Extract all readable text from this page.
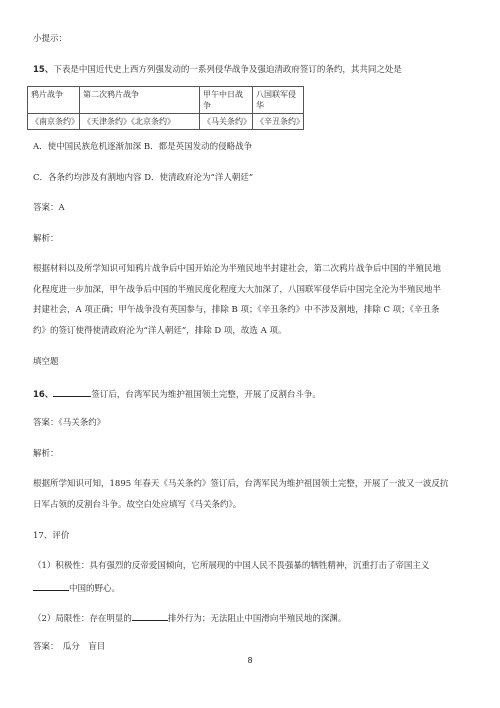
小提示：
15、下表是中国近代史上西方列强发动的一系列侵华战争及强迫清政府签订的条约，其共同之处是
鸦片战争	第二次鸦片战争	甲午中日战争	八国联军侵华	
《南京条约》	《天津条约》《北京条约》	《马关条约》	《辛丑条约》	
A．使中国民族危机逐渐加深 B．都是英国发动的侵略战争
C．各条约均涉及有割地内容 D．使清政府沦为“洋人朝廷”
答案：A
解析：
根据材料以及所学知识可知鸦片战争后中国开始沦为半殖民地半封建社会，第二次鸦片战争后中国的半殖民地
化程度进一步加深，甲午战争后中国的半殖民度化程度大大加深了，八国联军侵华后中国完全沦为半殖民地半
封建社会，A 项正确；甲午战争没有英国参与，排除 B 项；《辛丑条约》中不涉及割地，排除 C 项；《辛丑条
约》的签订使得使清政府沦为“洋人朝廷”，排除 D 项，故选 A 项。
填空题
16、	签订后，台湾军民为维护祖国领土完整，开展了反割台斗争。
答案：《马关条约》
解析：
根据所学知识可知，1895 年春天《马关条约》签订后，台湾军民为维护祖国领土完整，开展了一波又一波反抗
日军占领的反割台斗争。故空白处应填写《马关条约》。
17、评价
（1）积极性：具有强烈的反帝爱国倾向，它所展现的中国人民不畏强暴的牺牲精神，沉重打击了帝国主义
中国的野心。
（2）局限性：存在明显的	排外行为；无法阻止中国滑向半殖民地的深渊。
答案：　瓜分　盲目
8
